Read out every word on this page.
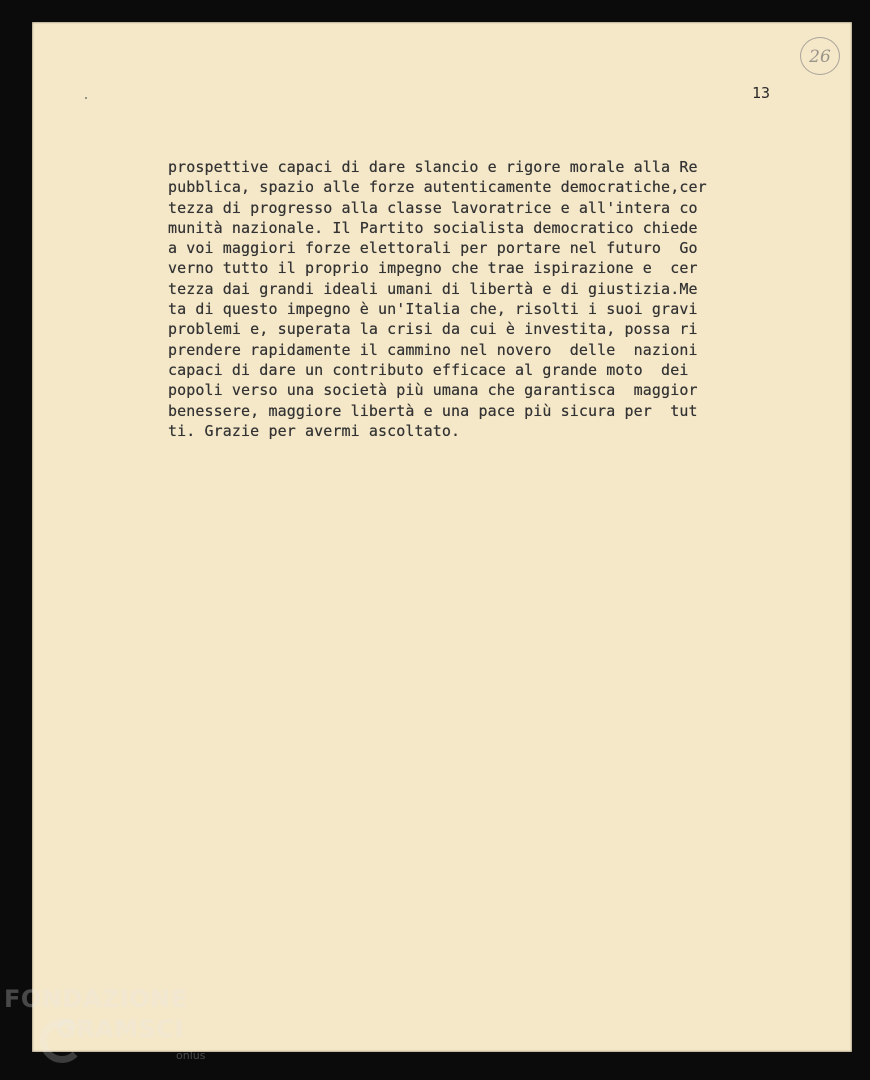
26
13
prospettive capaci di dare slancio e rigore morale alla Re
pubblica, spazio alle forze autenticamente democratiche,cer
tezza di progresso alla classe lavoratrice e all'intera co
munità nazionale. Il Partito socialista democratico chiede
a voi maggiori forze elettorali per portare nel futuro  Go
verno tutto il proprio impegno che trae ispirazione e  cer
tezza dai grandi ideali umani di libertà e di giustizia.Me
ta di questo impegno è un'Italia che, risolti i suoi gravi
problemi e, superata la crisi da cui è investita, possa ri
prendere rapidamente il cammino nel novero  delle  nazioni
capaci di dare un contributo efficace al grande moto  dei
popoli verso una società più umana che garantisca  maggior
benessere, maggiore libertà e una pace più sicura per  tut
ti. Grazie per avermi ascoltato.
FONDAZIONE
GRAMSCI
onlus
